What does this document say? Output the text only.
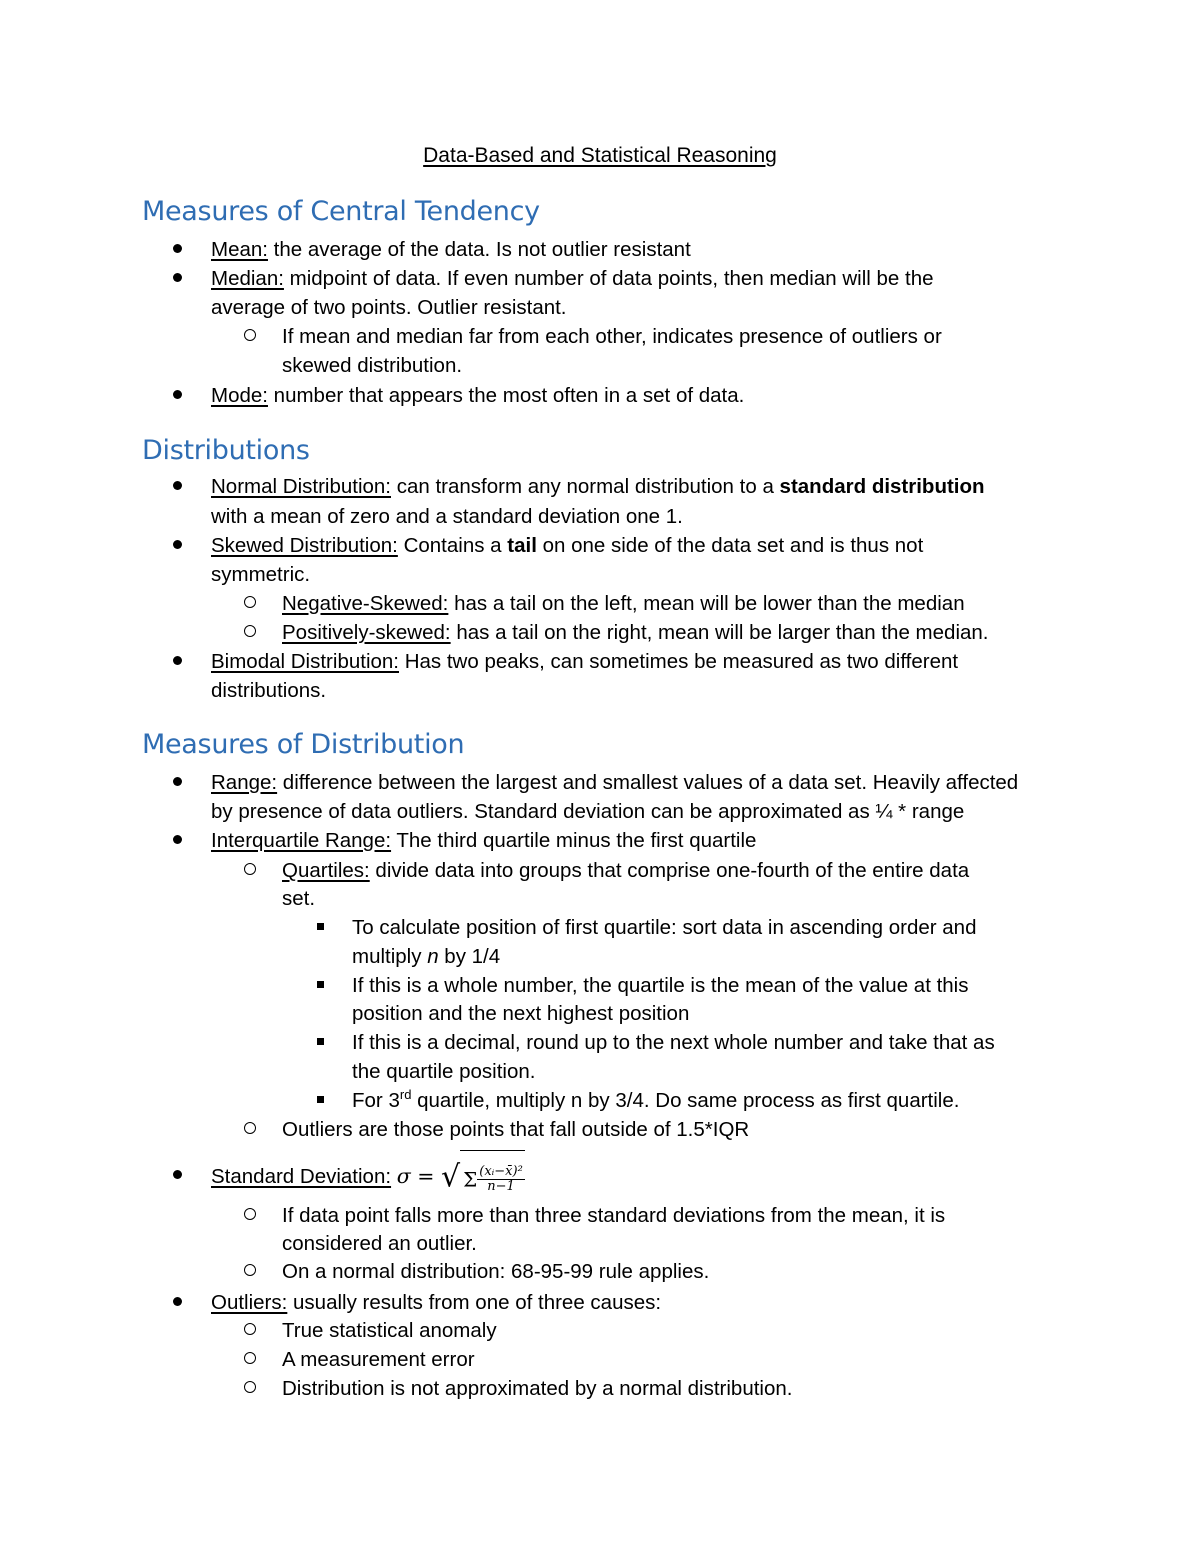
Data-Based and Statistical Reasoning
Measures of Central Tendency
Mean: the average of the data. Is not outlier resistant
Median: midpoint of data. If even number of data points, then median will be the
average of two points. Outlier resistant.
If mean and median far from each other, indicates presence of outliers or
skewed distribution.
Mode: number that appears the most often in a set of data.
Distributions
Normal Distribution: can transform any normal distribution to a standard distribution
with a mean of zero and a standard deviation one 1.
Skewed Distribution: Contains a tail on one side of the data set and is thus not
symmetric.
Negative-Skewed: has a tail on the left, mean will be lower than the median
Positively-skewed: has a tail on the right, mean will be larger than the median.
Bimodal Distribution: Has two peaks, can sometimes be measured as two different
distributions.
Measures of Distribution
Range: difference between the largest and smallest values of a data set. Heavily affected
by presence of data outliers. Standard deviation can be approximated as ¼ * range
Interquartile Range: The third quartile minus the first quartile
Quartiles: divide data into groups that comprise one-fourth of the entire data
set.
To calculate position of first quartile: sort data in ascending order and
multiply n by 1/4
If this is a whole number, the quartile is the mean of the value at this
position and the next highest position
If this is a decimal, round up to the next whole number and take that as
the quartile position.
For 3rd quartile, multiply n by 3/4. Do same process as first quartile.
Outliers are those points that fall outside of 1.5*IQR
Standard Deviation: σ = √ Σ $\frac{\text{(xᵢ−x̄)²}}{n-1}$
If data point falls more than three standard deviations from the mean, it is
considered an outlier.
On a normal distribution: 68-95-99 rule applies.
Outliers: usually results from one of three causes:
True statistical anomaly
A measurement error
Distribution is not approximated by a normal distribution.
